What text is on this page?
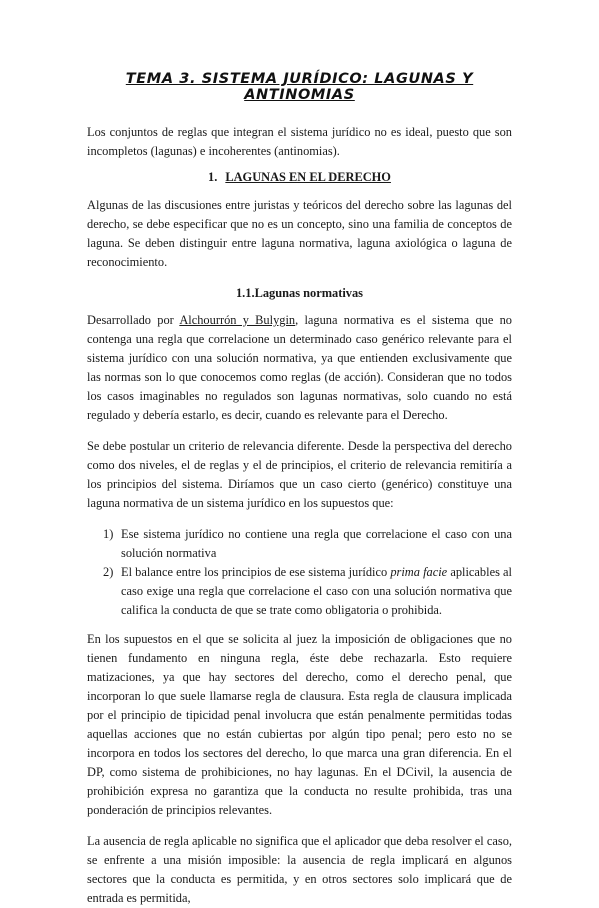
TEMA 3. SISTEMA JURÍDICO: LAGUNAS Y ANTINOMIAS

Los conjuntos de reglas que integran el sistema jurídico no es ideal, puesto que son incompletos (lagunas) e incoherentes (antinomias).

1. LAGUNAS EN EL DERECHO

Algunas de las discusiones entre juristas y teóricos del derecho sobre las lagunas del derecho, se debe especificar que no es un concepto, sino una familia de conceptos de laguna. Se deben distinguir entre laguna normativa, laguna axiológica o laguna de reconocimiento.

1.1.Lagunas normativas

Desarrollado por Alchourrón y Bulygin, laguna normativa es el sistema que no contenga una regla que correlacione un determinado caso genérico relevante para el sistema jurídico con una solución normativa, ya que entienden exclusivamente que las normas son lo que conocemos como reglas (de acción). Consideran que no todos los casos imaginables no regulados son lagunas normativas, solo cuando no está regulado y debería estarlo, es decir, cuando es relevante para el Derecho.

Se debe postular un criterio de relevancia diferente. Desde la perspectiva del derecho como dos niveles, el de reglas y el de principios, el criterio de relevancia remitiría a los principios del sistema. Diríamos que un caso cierto (genérico) constituye una laguna normativa de un sistema jurídico en los supuestos que:

1) Ese sistema jurídico no contiene una regla que correlacione el caso con una solución normativa
2) El balance entre los principios de ese sistema jurídico prima facie aplicables al caso exige una regla que correlacione el caso con una solución normativa que califica la conducta de que se trate como obligatoria o prohibida.

En los supuestos en el que se solicita al juez la imposición de obligaciones que no tienen fundamento en ninguna regla, éste debe rechazarla. Esto requiere matizaciones, ya que hay sectores del derecho, como el derecho penal, que incorporan lo que suele llamarse regla de clausura. Esta regla de clausura implicada por el principio de tipicidad penal involucra que están penalmente permitidas todas aquellas acciones que no están cubiertas por algún tipo penal; pero esto no se incorpora en todos los sectores del derecho, lo que marca una gran diferencia. En el DP, como sistema de prohibiciones, no hay lagunas. En el DCivil, la ausencia de prohibición expresa no garantiza que la conducta no resulte prohibida, tras una ponderación de principios relevantes.

La ausencia de regla aplicable no significa que el aplicador que deba resolver el caso, se enfrente a una misión imposible: la ausencia de regla implicará en algunos sectores que la conducta es permitida, y en otros sectores solo implicará que de entrada es permitida,
